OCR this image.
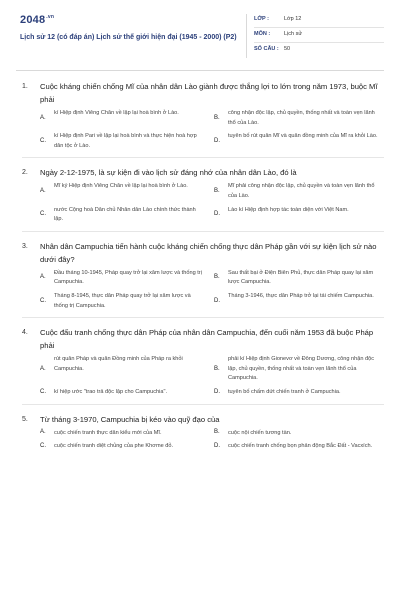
$2048^{.vn}$
Lịch sử 12 (có đáp án) Lịch sử thế giới hiện đại (1945 - 2000) (P2)
LỚP :	Lớp 12
MÔN :	Lịch sử
SỐ CÂU : 50
1. Cuộc kháng chiến chống Mĩ của nhân dân Lào giành được thắng lợi to lớn trong năm 1973, buộc Mĩ phải
A.
kí Hiệp định Viêng Chăn về lập lại hoà bình ở Lào.
B.
công nhận độc lập, chủ quyền, thống nhất và toàn vẹn lãnh thổ của Lào.
C.
kí Hiệp định Pari về lập lại hoà bình và thực hiện hoà hợp dân tộc ở Lào.
D.
tuyên bố rút quân Mĩ và quân đồng minh của Mĩ ra khỏi Lào.
2. Ngày 2-12-1975, là sự kiện đi vào lịch sử đáng nhớ của nhân dân Lào, đó là
A.
Mĩ ký Hiệp định Viêng Chăn về lập lại hoà bình ở Lào.
B.
Mĩ phải công nhận độc lập, chủ quyền và toàn vẹn lãnh thổ của Lào.
C.
nước Cộng hoà Dân chủ Nhân dân Lào chính thức thành lập.
D.
Lào kí Hiệp định hợp tác toàn diện với Việt Nam.
3. Nhân dân Campuchia tiến hành cuộc kháng chiến chống thực dân Pháp gần với sự kiện lịch sử nào dưới đây?
A.
Đầu tháng 10-1945, Pháp quay trở lại xâm lược và thống trị Campuchia.
B.
Sau thất bại ở Điện Biên Phủ, thực dân Pháp quay lại xâm lược Campuchia.
C.
Tháng 8-1945, thực dân Pháp quay trở lại xâm lược và thống trị Campuchia.
D.
Tháng 3-1946, thực dân Pháp trở lại tái chiếm Campuchia.
4. Cuộc đấu tranh chống thực dân Pháp của nhân dân Campuchia, đến cuối năm 1953 đã buộc Pháp phải
A.
rút quân Pháp và quân Đồng minh của Pháp ra khỏi Campuchia.	B.
phải kí Hiệp định Gionevơ về Đông Dương, công nhận độc lập, chủ quyền, thống nhất và toàn vẹn lãnh thổ của Campuchia.
C. kí hiệp ước "trao trả độc lập cho Campuchia".	D. tuyên bố chấm dứt chiến tranh ở Campuchia.
5. Từ tháng 3-1970, Campuchia bị kéo vào quỹ đạo của
A. cuộc chiến tranh thực dân kiểu mới của Mĩ.	B. cuộc nội chiến tương tàn.
C. cuộc chiến tranh diệt chủng của phe Khơme đỏ.	D. cuộc chiến tranh chống bọn phản động Bắc Đất - Vacxích.
